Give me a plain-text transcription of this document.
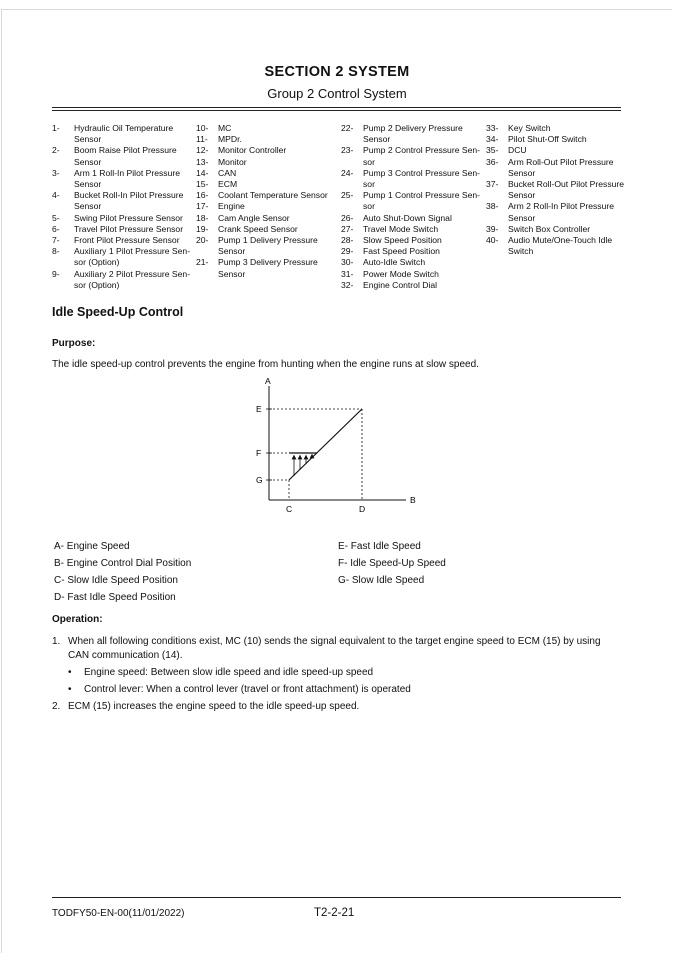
SECTION 2 SYSTEM
Group 2 Control System
1-	Hydraulic Oil Temperature Sensor
2-	Boom Raise Pilot Pressure Sensor
3-	Arm 1 Roll-In Pilot Pressure Sensor
4-	Bucket Roll-In Pilot Pressure Sensor
5-	Swing Pilot Pressure Sensor
6-	Travel Pilot Pressure Sensor
7-	Front Pilot Pressure Sensor
8-	Auxiliary 1 Pilot Pressure Sen-sor (Option)
9-	Auxiliary 2 Pilot Pressure Sen-sor (Option)
10-	MC
11-	MPDr.
12-	Monitor Controller
13-	Monitor
14-	CAN
15-	ECM
16-	Coolant Temperature Sensor
17-	Engine
18-	Cam Angle Sensor
19-	Crank Speed Sensor
20-	Pump 1 Delivery Pressure Sensor
21-	Pump 3 Delivery Pressure Sensor
22-	Pump 2 Delivery Pressure Sensor
23-	Pump 2 Control Pressure Sen-sor
24-	Pump 3 Control Pressure Sen-sor
25-	Pump 1 Control Pressure Sen-sor
26-	Auto Shut-Down Signal
27-	Travel Mode Switch
28-	Slow Speed Position
29-	Fast Speed Position
30-	Auto-Idle Switch
31-	Power Mode Switch
32-	Engine Control Dial
33-	Key Switch
34-	Pilot Shut-Off Switch
35-	DCU
36-	Arm Roll-Out Pilot Pressure Sensor
37-	Bucket Roll-Out Pilot Pressure Sensor
38-	Arm 2 Roll-In Pilot Pressure Sensor
39-	Switch Box Controller
40-	Audio Mute/One-Touch Idle Switch
Idle Speed-Up Control
Purpose:
The idle speed-up control prevents the engine from hunting when the engine runs at slow speed.
A
B
C	D
E
F
G
A- Engine Speed
B- Engine Control Dial Position
C- Slow Idle Speed Position
D- Fast Idle Speed Position
E- Fast Idle Speed
F- Idle Speed-Up Speed
G- Slow Idle Speed
Operation:
1. When all following conditions exist, MC (10) sends the signal equivalent to the target engine speed to ECM (15) by using CAN communication (14).
•	Engine speed: Between slow idle speed and idle speed-up speed
•	Control lever: When a control lever (travel or front attachment) is operated
2. ECM (15) increases the engine speed to the idle speed-up speed.
TODFY50-EN-00(11/01/2022)	T2-2-21
